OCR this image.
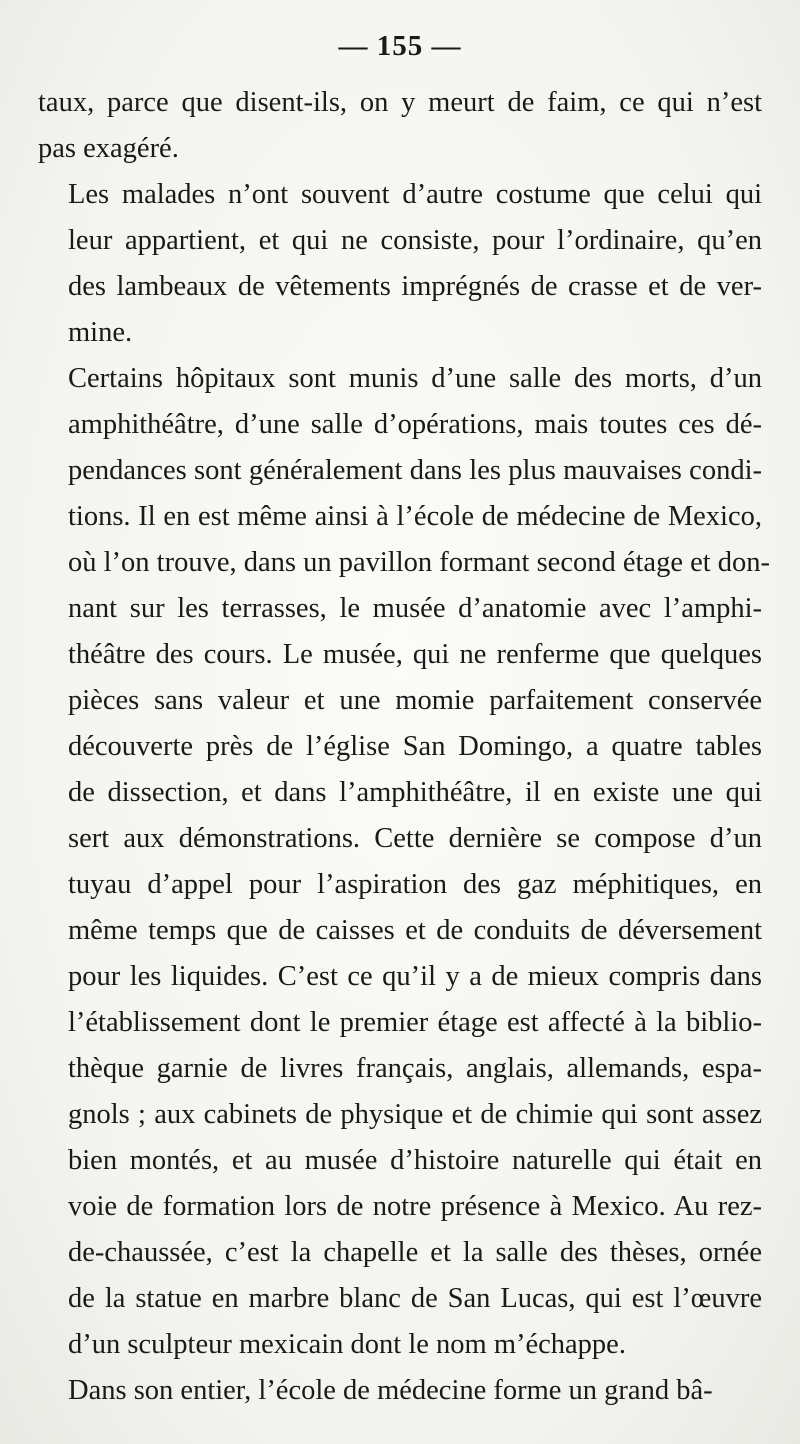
— 155 —

taux, parce que disent-ils, on y meurt de faim, ce qui n’est
pas exagéré.

Les malades n’ont souvent d’autre costume que celui qui
leur appartient, et qui ne consiste, pour l’ordinaire, qu’en
des lambeaux de vêtements imprégnés de crasse et de ver-
mine.

Certains hôpitaux sont munis d’une salle des morts, d’un
amphithéâtre, d’une salle d’opérations, mais toutes ces dé-
pendances sont généralement dans les plus mauvaises condi-
tions. Il en est même ainsi à l’école de médecine de Mexico,
où l’on trouve, dans un pavillon formant second étage et don-
nant sur les terrasses, le musée d’anatomie avec l’amphi-
théâtre des cours. Le musée, qui ne renferme que quelques
pièces sans valeur et une momie parfaitement conservée
découverte près de l’église San Domingo, a quatre tables
de dissection, et dans l’amphithéâtre, il en existe une qui
sert aux démonstrations. Cette dernière se compose d’un
tuyau d’appel pour l’aspiration des gaz méphitiques, en
même temps que de caisses et de conduits de déversement
pour les liquides. C’est ce qu’il y a de mieux compris dans
l’établissement dont le premier étage est affecté à la biblio-
thèque garnie de livres français, anglais, allemands, espa-
gnols ; aux cabinets de physique et de chimie qui sont assez
bien montés, et au musée d’histoire naturelle qui était en
voie de formation lors de notre présence à Mexico. Au rez-
de-chaussée, c’est la chapelle et la salle des thèses, ornée
de la statue en marbre blanc de San Lucas, qui est l’œuvre
d’un sculpteur mexicain dont le nom m’échappe.

Dans son entier, l’école de médecine forme un grand bâ-
